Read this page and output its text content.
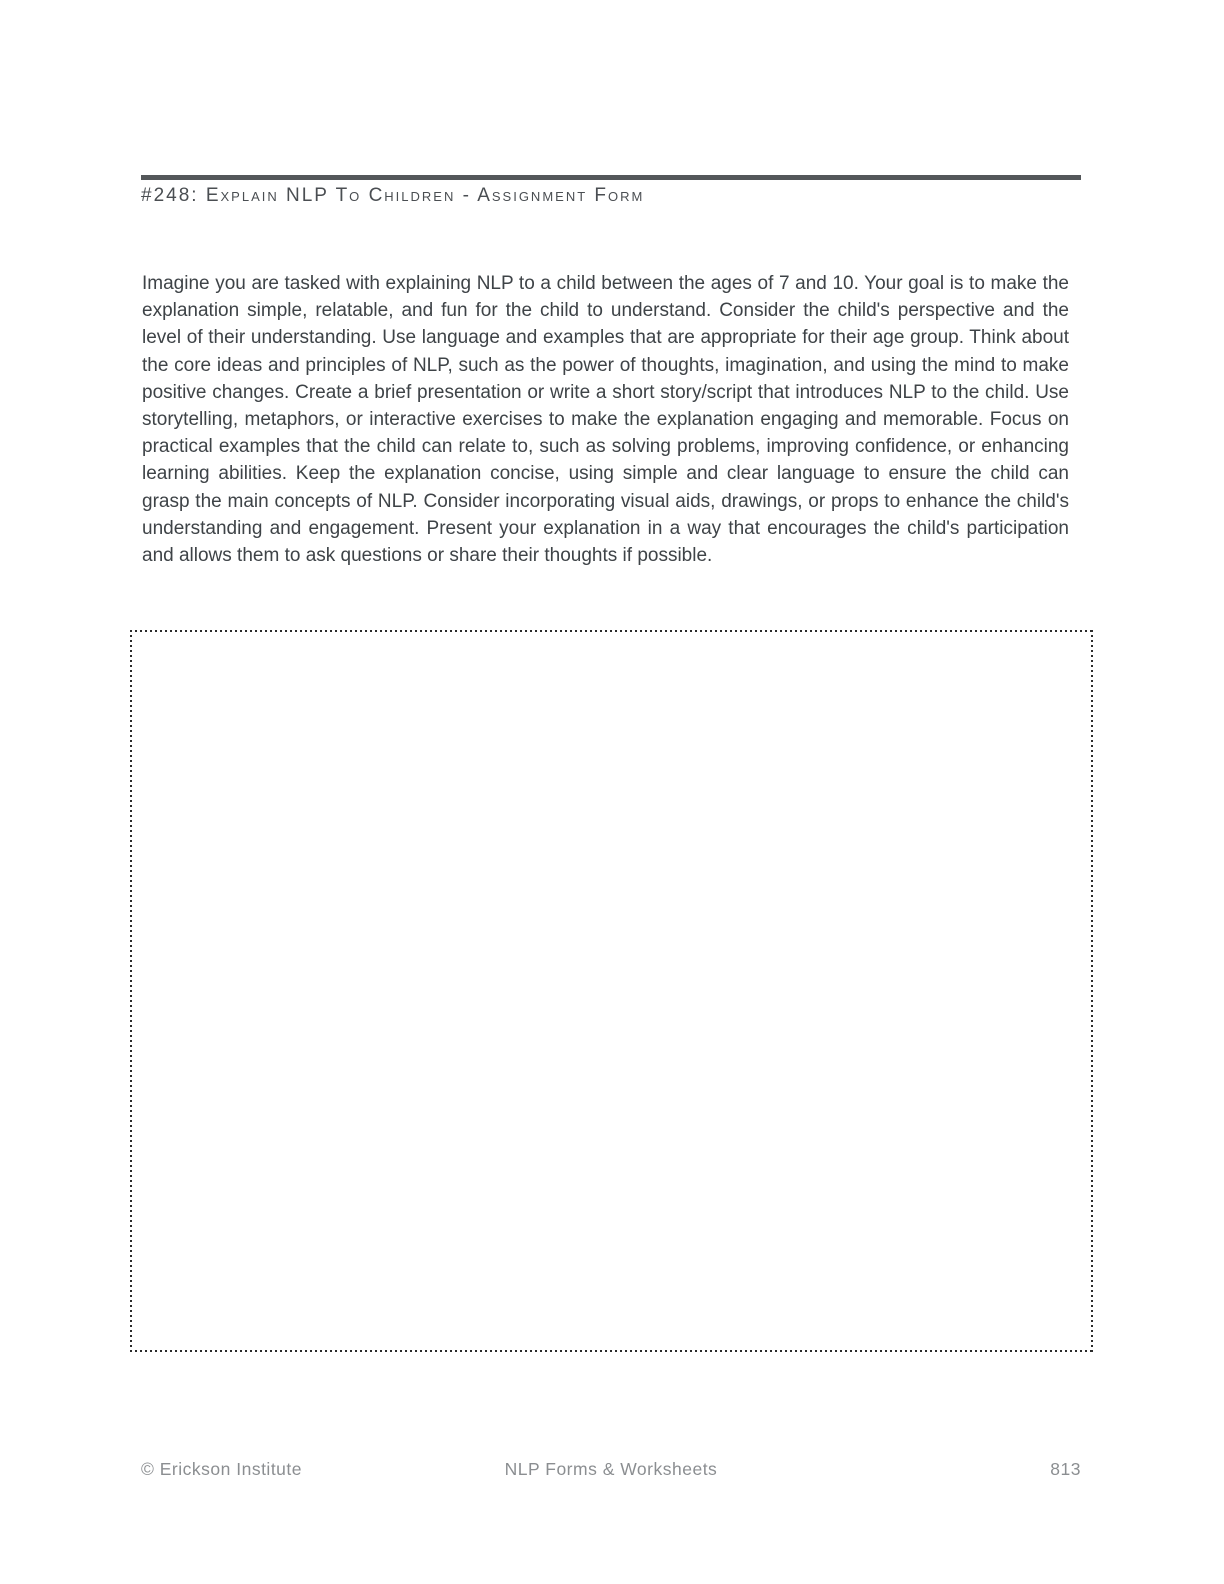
#248: Explain NLP To Children - Assignment Form

Imagine you are tasked with explaining NLP to a child between the ages of 7 and 10. Your goal is to make the explanation simple, relatable, and fun for the child to understand. Consider the child's perspective and the level of their understanding. Use language and examples that are appropriate for their age group. Think about the core ideas and principles of NLP, such as the power of thoughts, imagination, and using the mind to make positive changes. Create a brief presentation or write a short story/script that introduces NLP to the child. Use storytelling, metaphors, or interactive exercises to make the explanation engaging and memorable. Focus on practical examples that the child can relate to, such as solving problems, improving confidence, or enhancing learning abilities. Keep the explanation concise, using simple and clear language to ensure the child can grasp the main concepts of NLP. Consider incorporating visual aids, drawings, or props to enhance the child's understanding and engagement. Present your explanation in a way that encourages the child's participation and allows them to ask questions or share their thoughts if possible.

© Erickson Institute	NLP Forms & Worksheets	813
